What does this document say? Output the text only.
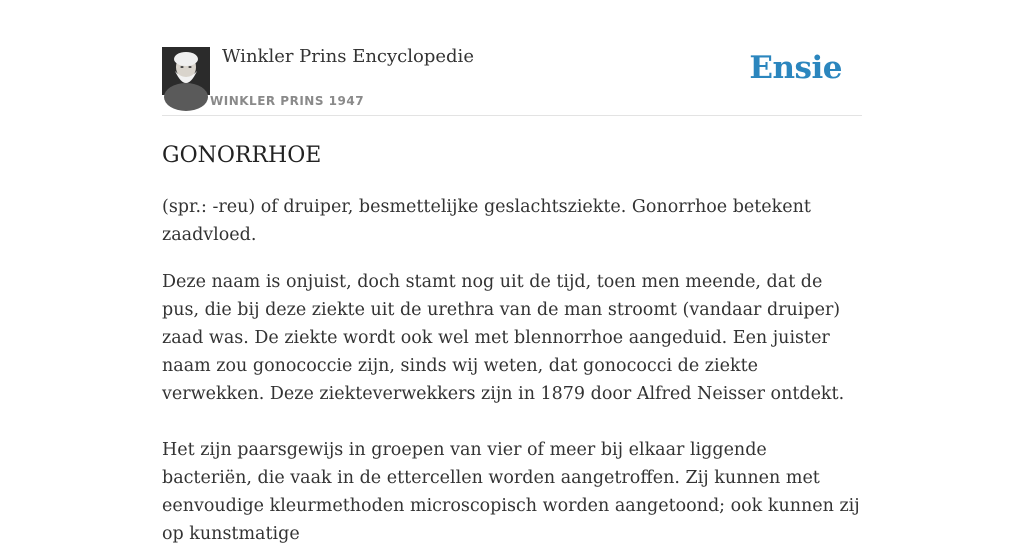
Winkler Prins Encyclopedie

WINKLER PRINS 1947
Ensie
GONORRHOE

(spr.: -reu) of druiper, besmettelijke geslachtsziekte. Gonorrhoe betekent zaadvloed.

Deze naam is onjuist, doch stamt nog uit de tijd, toen men meende, dat de pus, die bij deze ziekte uit de urethra van de man stroomt (vandaar druiper) zaad was. De ziekte wordt ook wel met blennorrhoe aangeduid. Een juister naam zou gonococcie zijn, sinds wij weten, dat gonococci de ziekte verwekken. Deze ziekteverwekkers zijn in 1879 door Alfred Neisser ontdekt.

Het zijn paarsgewijs in groepen van vier of meer bij elkaar liggende bacteriën, die vaak in de ettercellen worden aangetroffen. Zij kunnen met eenvoudige kleurmethoden microscopisch worden aangetoond; ook kunnen zij op kunstmatige
